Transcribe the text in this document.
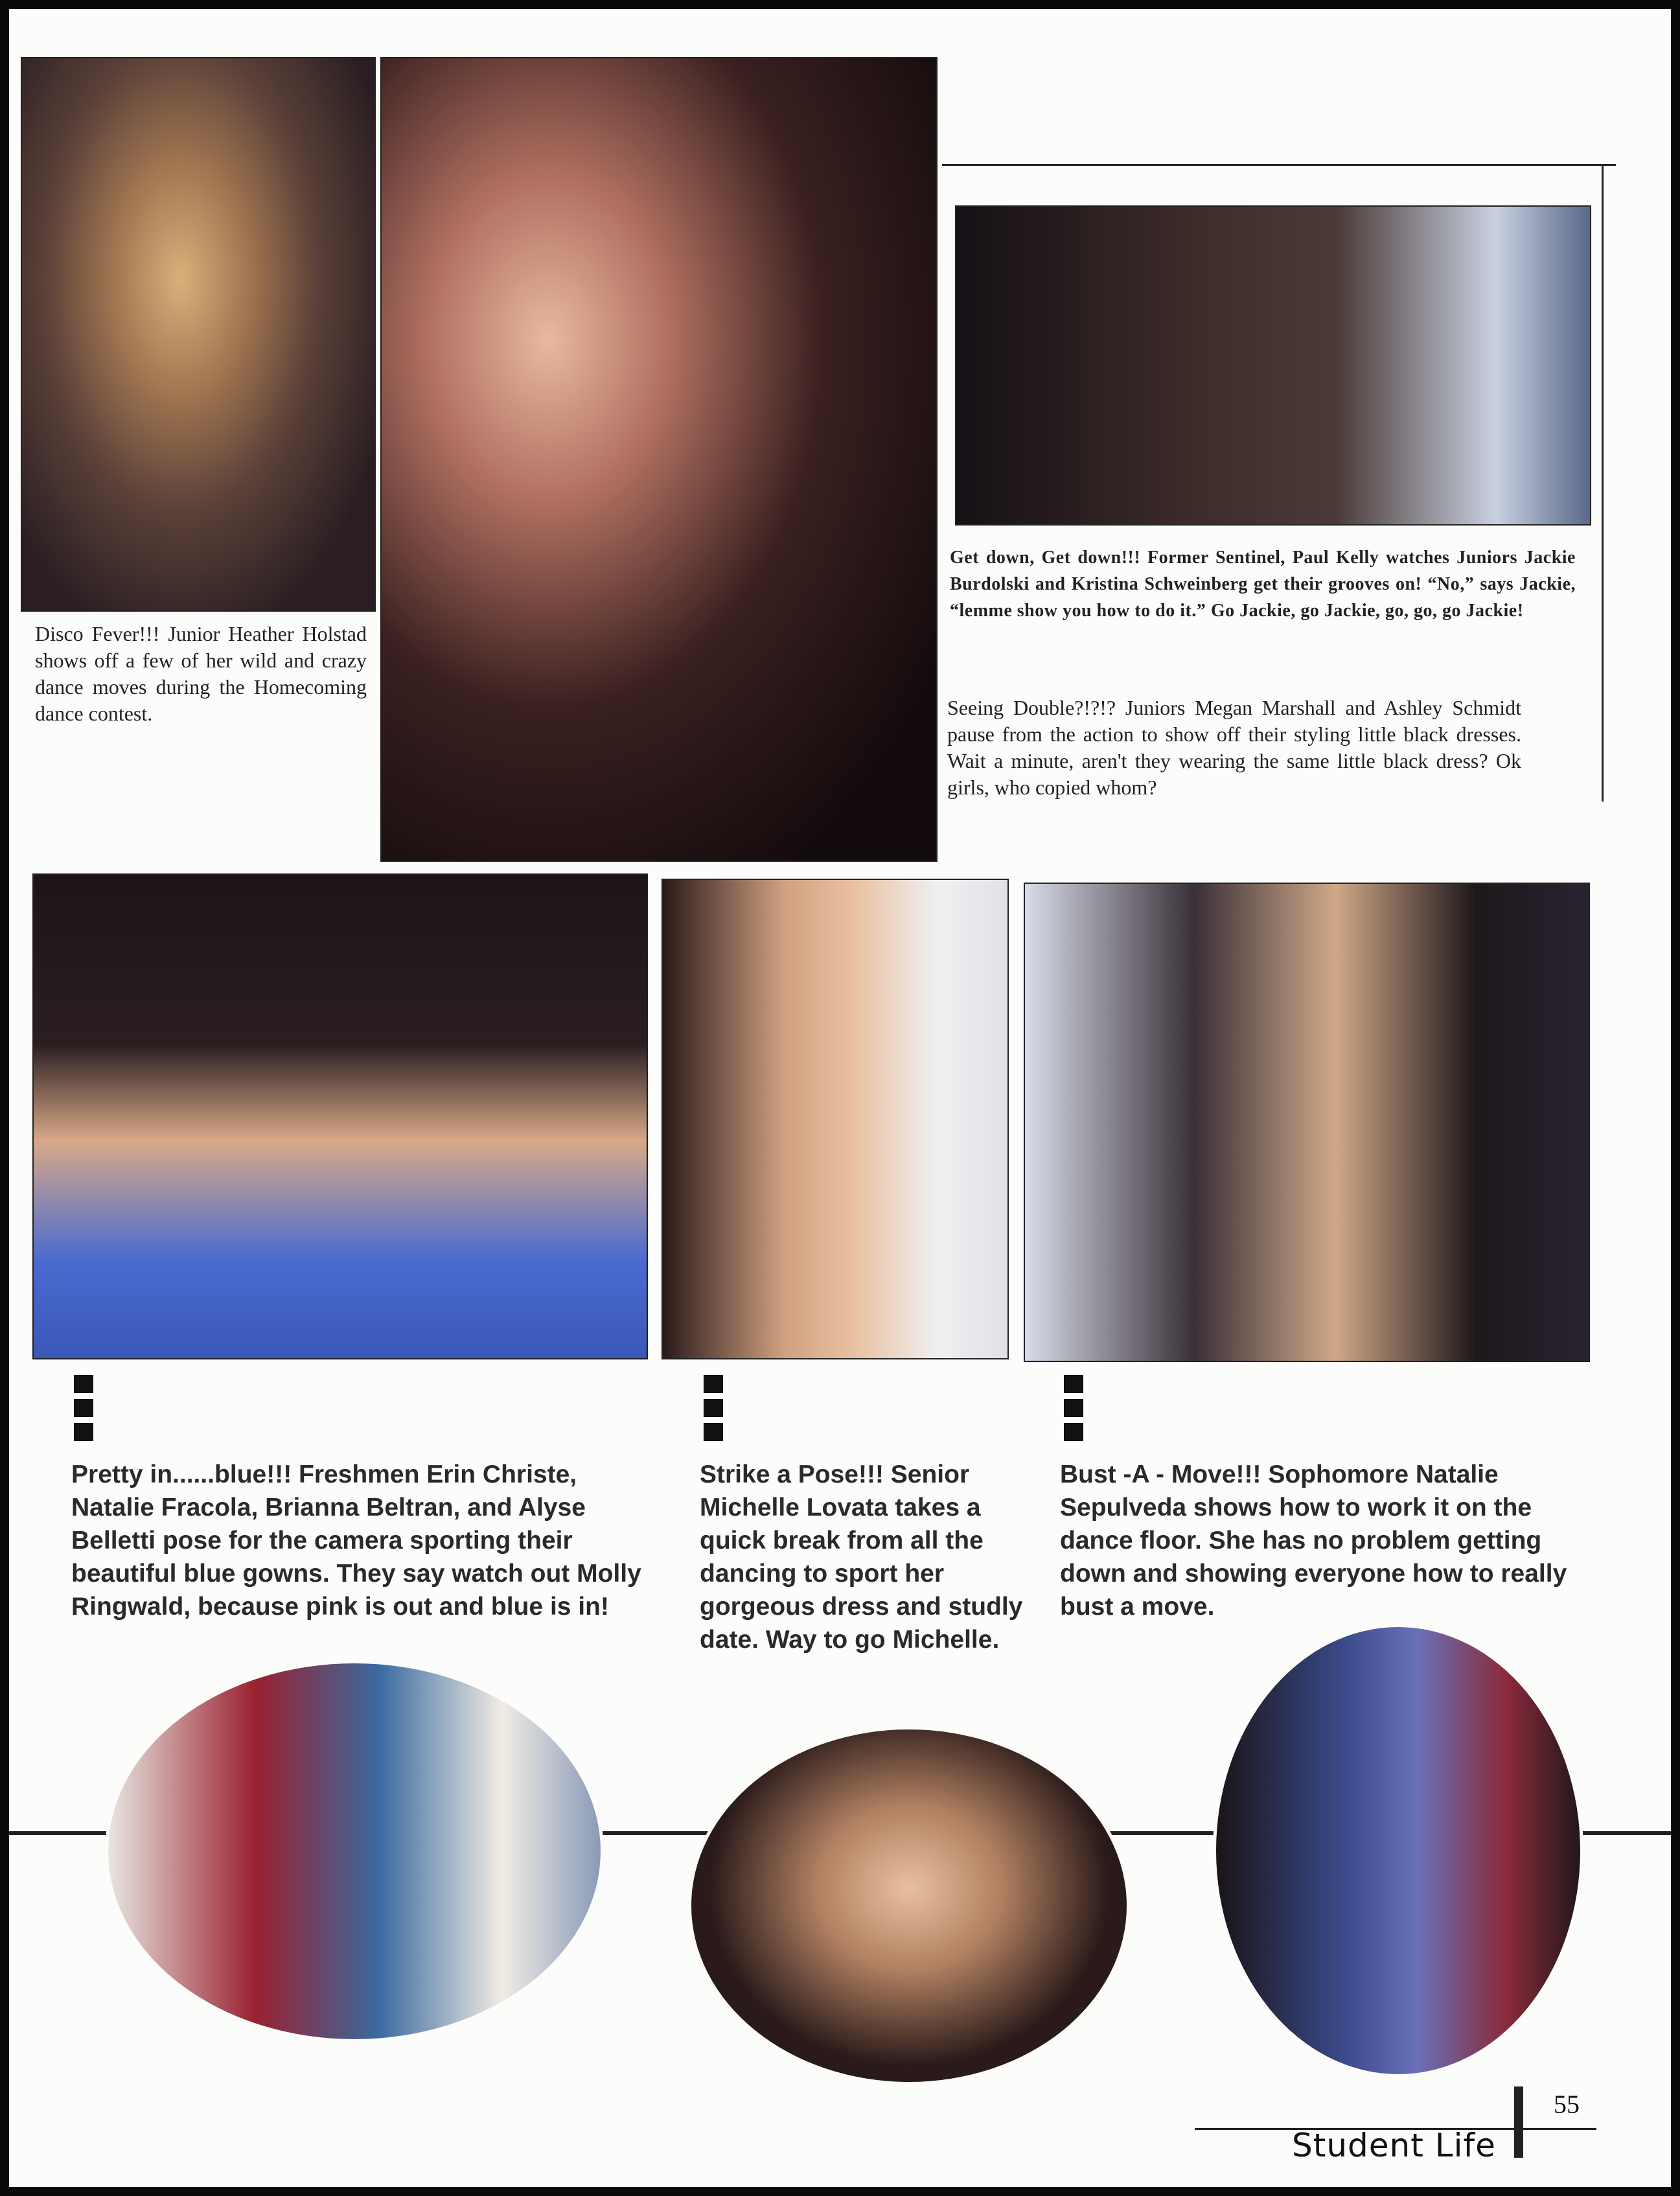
Disco Fever!!! Junior Heather Holstad shows off a few of her wild and crazy dance moves during the Homecoming dance contest.
Get down, Get down!!! Former Sentinel, Paul Kelly watches Juniors Jackie Burdolski and Kristina Schweinberg get their grooves on! “No,” says Jackie, “lemme show you how to do it.” Go Jackie, go Jackie, go, go, go Jackie!
Seeing Double?!?!? Juniors Megan Marshall and Ashley Schmidt pause from the action to show off their styling little black dresses. Wait a minute, aren't they wearing the same little black dress? Ok girls, who copied whom?
Pretty in......blue!!! Freshmen Erin Christe, Natalie Fracola, Brianna Beltran, and Alyse Belletti pose for the camera sporting their beautiful blue gowns. They say watch out Molly Ringwald, because pink is out and blue is in!
Strike a Pose!!! Senior Michelle Lovata takes a quick break from all the dancing to sport her gorgeous dress and studly date. Way to go Michelle.
Bust -A - Move!!! Sophomore Natalie Sepulveda shows how to work it on the dance floor. She has no problem getting down and showing everyone how to really bust a move.
55
Student Life
